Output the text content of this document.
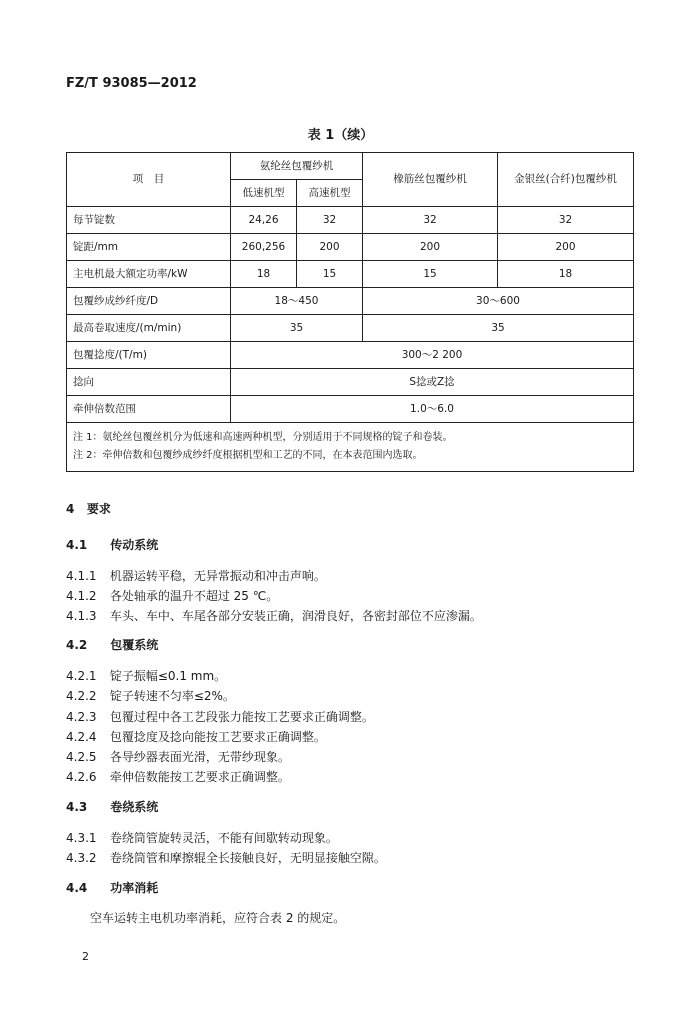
FZ/T 93085—2012
表 1（续）
项　目	氨纶丝包覆纱机		橡筋丝包覆纱机	金银丝(合纤)包覆纱机
	低速机型	高速机型		
每节锭数	24,26	32	32	32
锭距/mm	260,256	200	200	200
主电机最大额定功率/kW	18	15	15	18
包覆纱成纱纤度/D	18～450		30～600	
最高卷取速度/(m/min)	35		35	
包覆捻度/(T/m)	300～2 200			
捻向	S捻或Z捻			
牵伸倍数范围	1.0～6.0			

注 1：氨纶丝包覆丝机分为低速和高速两种机型，分别适用于不同规格的锭子和卷装。
注 2：牵伸倍数和包覆纱成纱纤度根据机型和工艺的不同，在本表范围内选取。				
4 要求
4.1 传动系统
4.1.1 机器运转平稳，无异常振动和冲击声响。
4.1.2 各处轴承的温升不超过 25 ℃。
4.1.3 车头、车中、车尾各部分安装正确，润滑良好，各密封部位不应渗漏。
4.2 包覆系统
4.2.1 锭子振幅≤0.1 mm。
4.2.2 锭子转速不匀率≤2%。
4.2.3 包覆过程中各工艺段张力能按工艺要求正确调整。
4.2.4 包覆捻度及捻向能按工艺要求正确调整。
4.2.5 各导纱器表面光滑，无带纱现象。
4.2.6 牵伸倍数能按工艺要求正确调整。
4.3 卷绕系统
4.3.1 卷绕筒管旋转灵活，不能有间歇转动现象。
4.3.2 卷绕筒管和摩擦辊全长接触良好，无明显接触空隙。
4.4 功率消耗
空车运转主电机功率消耗，应符合表 2 的规定。
2
